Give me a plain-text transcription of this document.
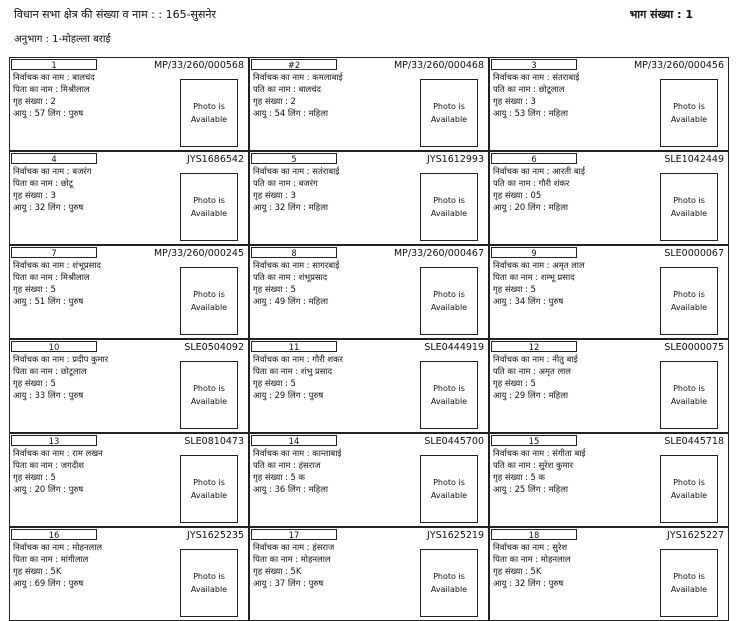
विधान सभा क्षेत्र की संख्या व नाम : : 165-सुसनेर	भाग संख्या : 1
अनुभाग : 1-मोहल्ला बराई
1	MP/33/260/000568
निर्वाचक का नाम : बालचंद
पिता का नाम : मिश्रीलाल
गृह संख्या : 2
आयु : 57 लिंग : पुरुष
Photo is Available
#2	MP/33/260/000468
निर्वाचक का नाम : कमलाबाई
पति का नाम : बालचंद
गृह संख्या : 2
आयु : 54 लिंग : महिला
Photo is Available
3	MP/33/260/000456
निर्वाचक का नाम : संतराबाई
पति का नाम : छोटूलाल
गृह संख्या : 3
आयु : 53 लिंग : महिला
Photo is Available
4	JYS1686542
निर्वाचक का नाम : बजरंग
पिता का नाम : छोटू
गृह संख्या : 3
आयु : 32 लिंग : पुरुष
Photo is Available
5	JYS1612993
निर्वाचक का नाम : सतंराबाई
पति का नाम : बजरंग
गृह संख्या : 3
आयु : 32 लिंग : महिला
Photo is Available
6	SLE1042449
निर्वाचक का नाम : आरती बाई
पति का नाम : गौरी शंकर
गृह संख्या : 05
आयु : 20 लिंग : महिला
Photo is Available
7	MP/33/260/000245
निर्वाचक का नाम : शंभूप्रसाद
पिता का नाम : मिश्रीलाल
गृह संख्या : 5
आयु : 51 लिंग : पुरुष
Photo is Available
8	MP/33/260/000467
निर्वाचक का नाम : सागरबाई
पति का नाम : शंभूप्रसाद
गृह संख्या : 5
आयु : 49 लिंग : महिला
Photo is Available
9	SLE0000067
निर्वाचक का नाम : अमृत लाल
पिता का नाम : शम्भू प्रसाद
गृह संख्या : 5
आयु : 34 लिंग : पुरुष
Photo is Available
10	SLE0504092
निर्वाचक का नाम : प्रदीप कुमार
पिता का नाम : छोटूलाल
गृह संख्या : 5
आयु : 33 लिंग : पुरुष
Photo is Available
11	SLE0444919
निर्वाचक का नाम : गौरी शकर
पिता का नाम : शंभु प्रसाद
गृह संख्या : 5
आयु : 29 लिंग : पुरुष
Photo is Available
12	SLE0000075
निर्वाचक का नाम : नीतु बाई
पति का नाम : अमृत लाल
गृह संख्या : 5
आयु : 29 लिंग : महिला
Photo is Available
13	SLE0810473
निर्वाचक का नाम : राम लखन
पिता का नाम : जगदीश
गृह संख्या : 5
आयु : 20 लिंग : पुरुष
Photo is Available
14	SLE0445700
निर्वाचक का नाम : कान्ताबाई
पति का नाम : हंसराज
गृह संख्या : 5 क
आयु : 36 लिंग : महिला
Photo is Available
15	SLE0445718
निर्वाचक का नाम : संगीता बाई
पति का नाम : सुरेश कुमार
गृह संख्या : 5 क
आयु : 25 लिंग : महिला
Photo is Available
16	JYS1625235
निर्वाचक का नाम : मोहनलाल
पिता का नाम : मांगीलाल
गृह संख्या : 5K
आयु : 69 लिंग : पुरुष
Photo is Available
17	JYS1625219
निर्वाचक का नाम : हंसराज
पिता का नाम : मोहनलाल
गृह संख्या : 5K
आयु : 37 लिंग : पुरुष
Photo is Available
18	JYS1625227
निर्वाचक का नाम : सुरेश
पिता का नाम : मोहनलाल
गृह संख्या : 5K
आयु : 32 लिंग : पुरुष
Photo is Available
